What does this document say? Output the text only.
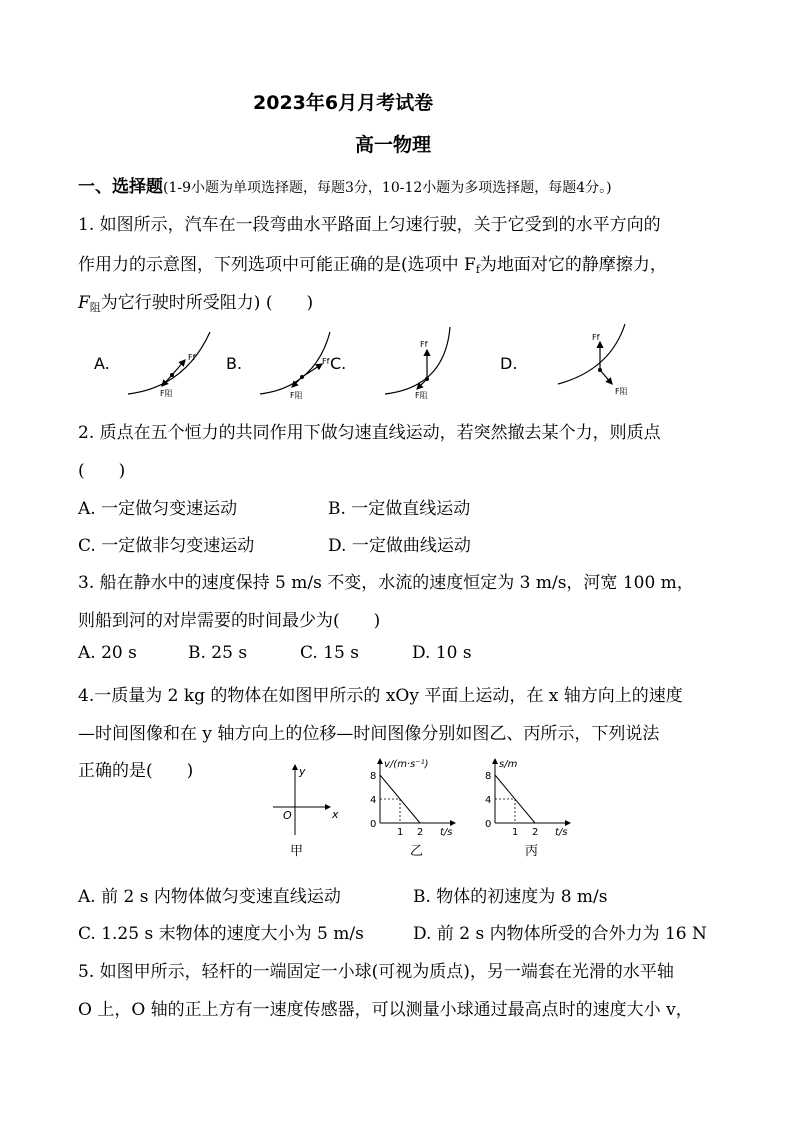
2023年6月月考试卷
高一物理
一、选择题(1-9小题为单项选择题，每题3分，10-12小题为多项选择题，每题4分。)
1. 如图所示，汽车在一段弯曲水平路面上匀速行驶，关于它受到的水平方向的
作用力的示意图，下列选项中可能正确的是(选项中 $F_f$为地面对它的静摩擦力，
$F_阻$为它行驶时所受阻力) (　　)
A.	Ff
F阻
B.	Ff
F阻
C.
Ff
F阻
D.
Ff
F阻
2. 质点在五个恒力的共同作用下做匀速直线运动，若突然撤去某个力，则质点
(　　)
A. 一定做匀变速运动	B. 一定做直线运动
C. 一定做非匀变速运动	D. 一定做曲线运动
3. 船在静水中的速度保持 5 m/s 不变，水流的速度恒定为 3 m/s，河宽 100 m，
则船到河的对岸需要的时间最少为(　　)
A. 20 s	B. 25 s	C. 15 s	D. 10 s
4.一质量为 2 kg 的物体在如图甲所示的 xOy 平面上运动，在 x 轴方向上的速度
—时间图像和在 y 轴方向上的位移—时间图像分别如图乙、丙所示，下列说法
正确的是(　　)	y
x
O
甲
v/(m·s⁻¹)
8
4
0
1 2 t/s
乙
s/m
8
4
0
1 2 t/s
丙
A. 前 2 s 内物体做匀变速直线运动	B. 物体的初速度为 8 m/s
C. 1.25 s 末物体的速度大小为 5 m/s	D. 前 2 s 内物体所受的合外力为 16 N
5. 如图甲所示，轻杆的一端固定一小球(可视为质点)，另一端套在光滑的水平轴
O 上，O 轴的正上方有一速度传感器，可以测量小球通过最高点时的速度大小 v，
